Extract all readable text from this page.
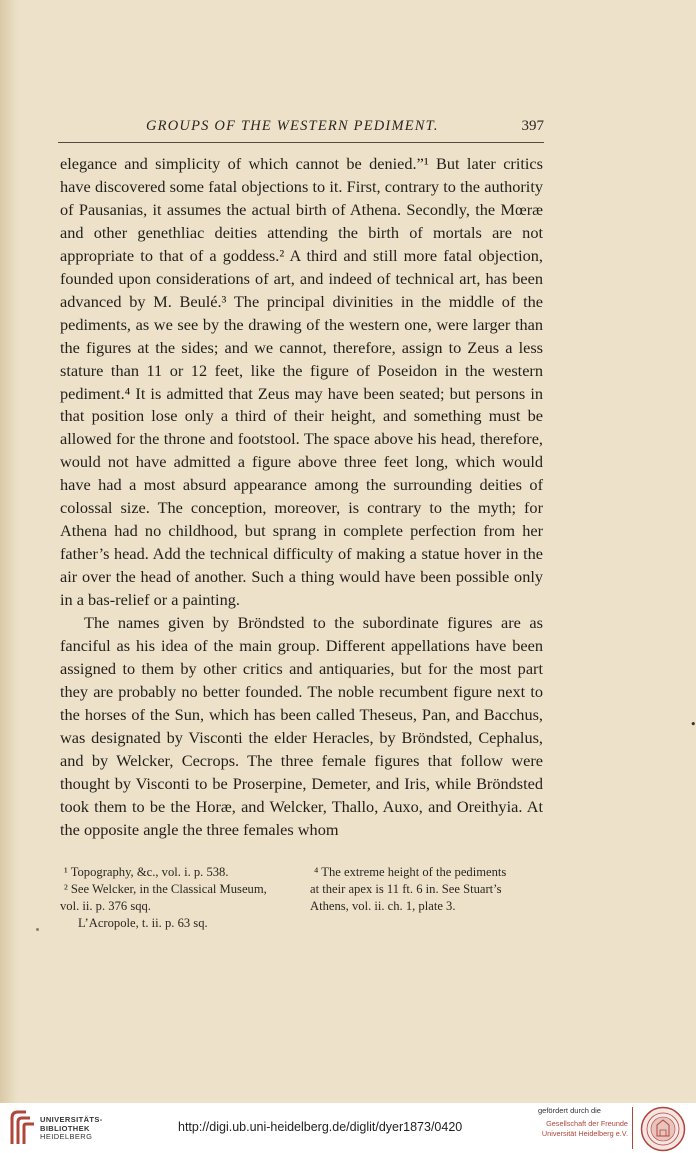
GROUPS OF THE WESTERN PEDIMENT.	397

elegance and simplicity of which cannot be denied.”¹ But later critics have discovered some fatal objections to it. First, contrary to the authority of Pausanias, it assumes the actual birth of Athena. Secondly, the Mœræ and other genethliac deities attending the birth of mortals are not appropriate to that of a goddess.² A third and still more fatal objection, founded upon considerations of art, and indeed of technical art, has been advanced by M. Beulé.³ The principal divinities in the middle of the pediments, as we see by the drawing of the western one, were larger than the figures at the sides; and we cannot, therefore, assign to Zeus a less stature than 11 or 12 feet, like the figure of Poseidon in the western pediment.⁴ It is admitted that Zeus may have been seated; but persons in that position lose only a third of their height, and something must be allowed for the throne and footstool. The space above his head, therefore, would not have admitted a figure above three feet long, which would have had a most absurd appearance among the surrounding deities of colossal size. The conception, moreover, is contrary to the myth; for Athena had no childhood, but sprang in complete perfection from her father’s head. Add the technical difficulty of making a statue hover in the air over the head of another. Such a thing would have been possible only in a bas-relief or a painting.

The names given by Bröndsted to the subordinate figures are as fanciful as his idea of the main group. Different appellations have been assigned to them by other critics and antiquaries, but for the most part they are probably no better founded. The noble recumbent figure next to the horses of the Sun, which has been called Theseus, Pan, and Bacchus, was designated by Visconti the elder Heracles, by Bröndsted, Cephalus, and by Welcker, Cecrops. The three female figures that follow were thought by Visconti to be Proserpine, Demeter, and Iris, while Bröndsted took them to be the Horæ, and Welcker, Thallo, Auxo, and Oreithyia. At the opposite angle the three females whom

¹ Topography, &c., vol. i. p. 538.
² See Welcker, in the Classical Museum,
vol. ii. p. 376 sqq.
L’Acropole, t. ii. p. 63 sq.
⁴ The extreme height of the pediments
at their apex is 11 ft. 6 in. See Stuart’s
Athens, vol. ii. ch. 1, plate 3.
•
UNIVERSITÄTS-
BIBLIOTHEK
HEIDELBERG
http://digi.ub.uni-heidelberg.de/diglit/dyer1873/0420
gefördert durch die
Gesellschaft der Freunde
Universität Heidelberg e.V.
